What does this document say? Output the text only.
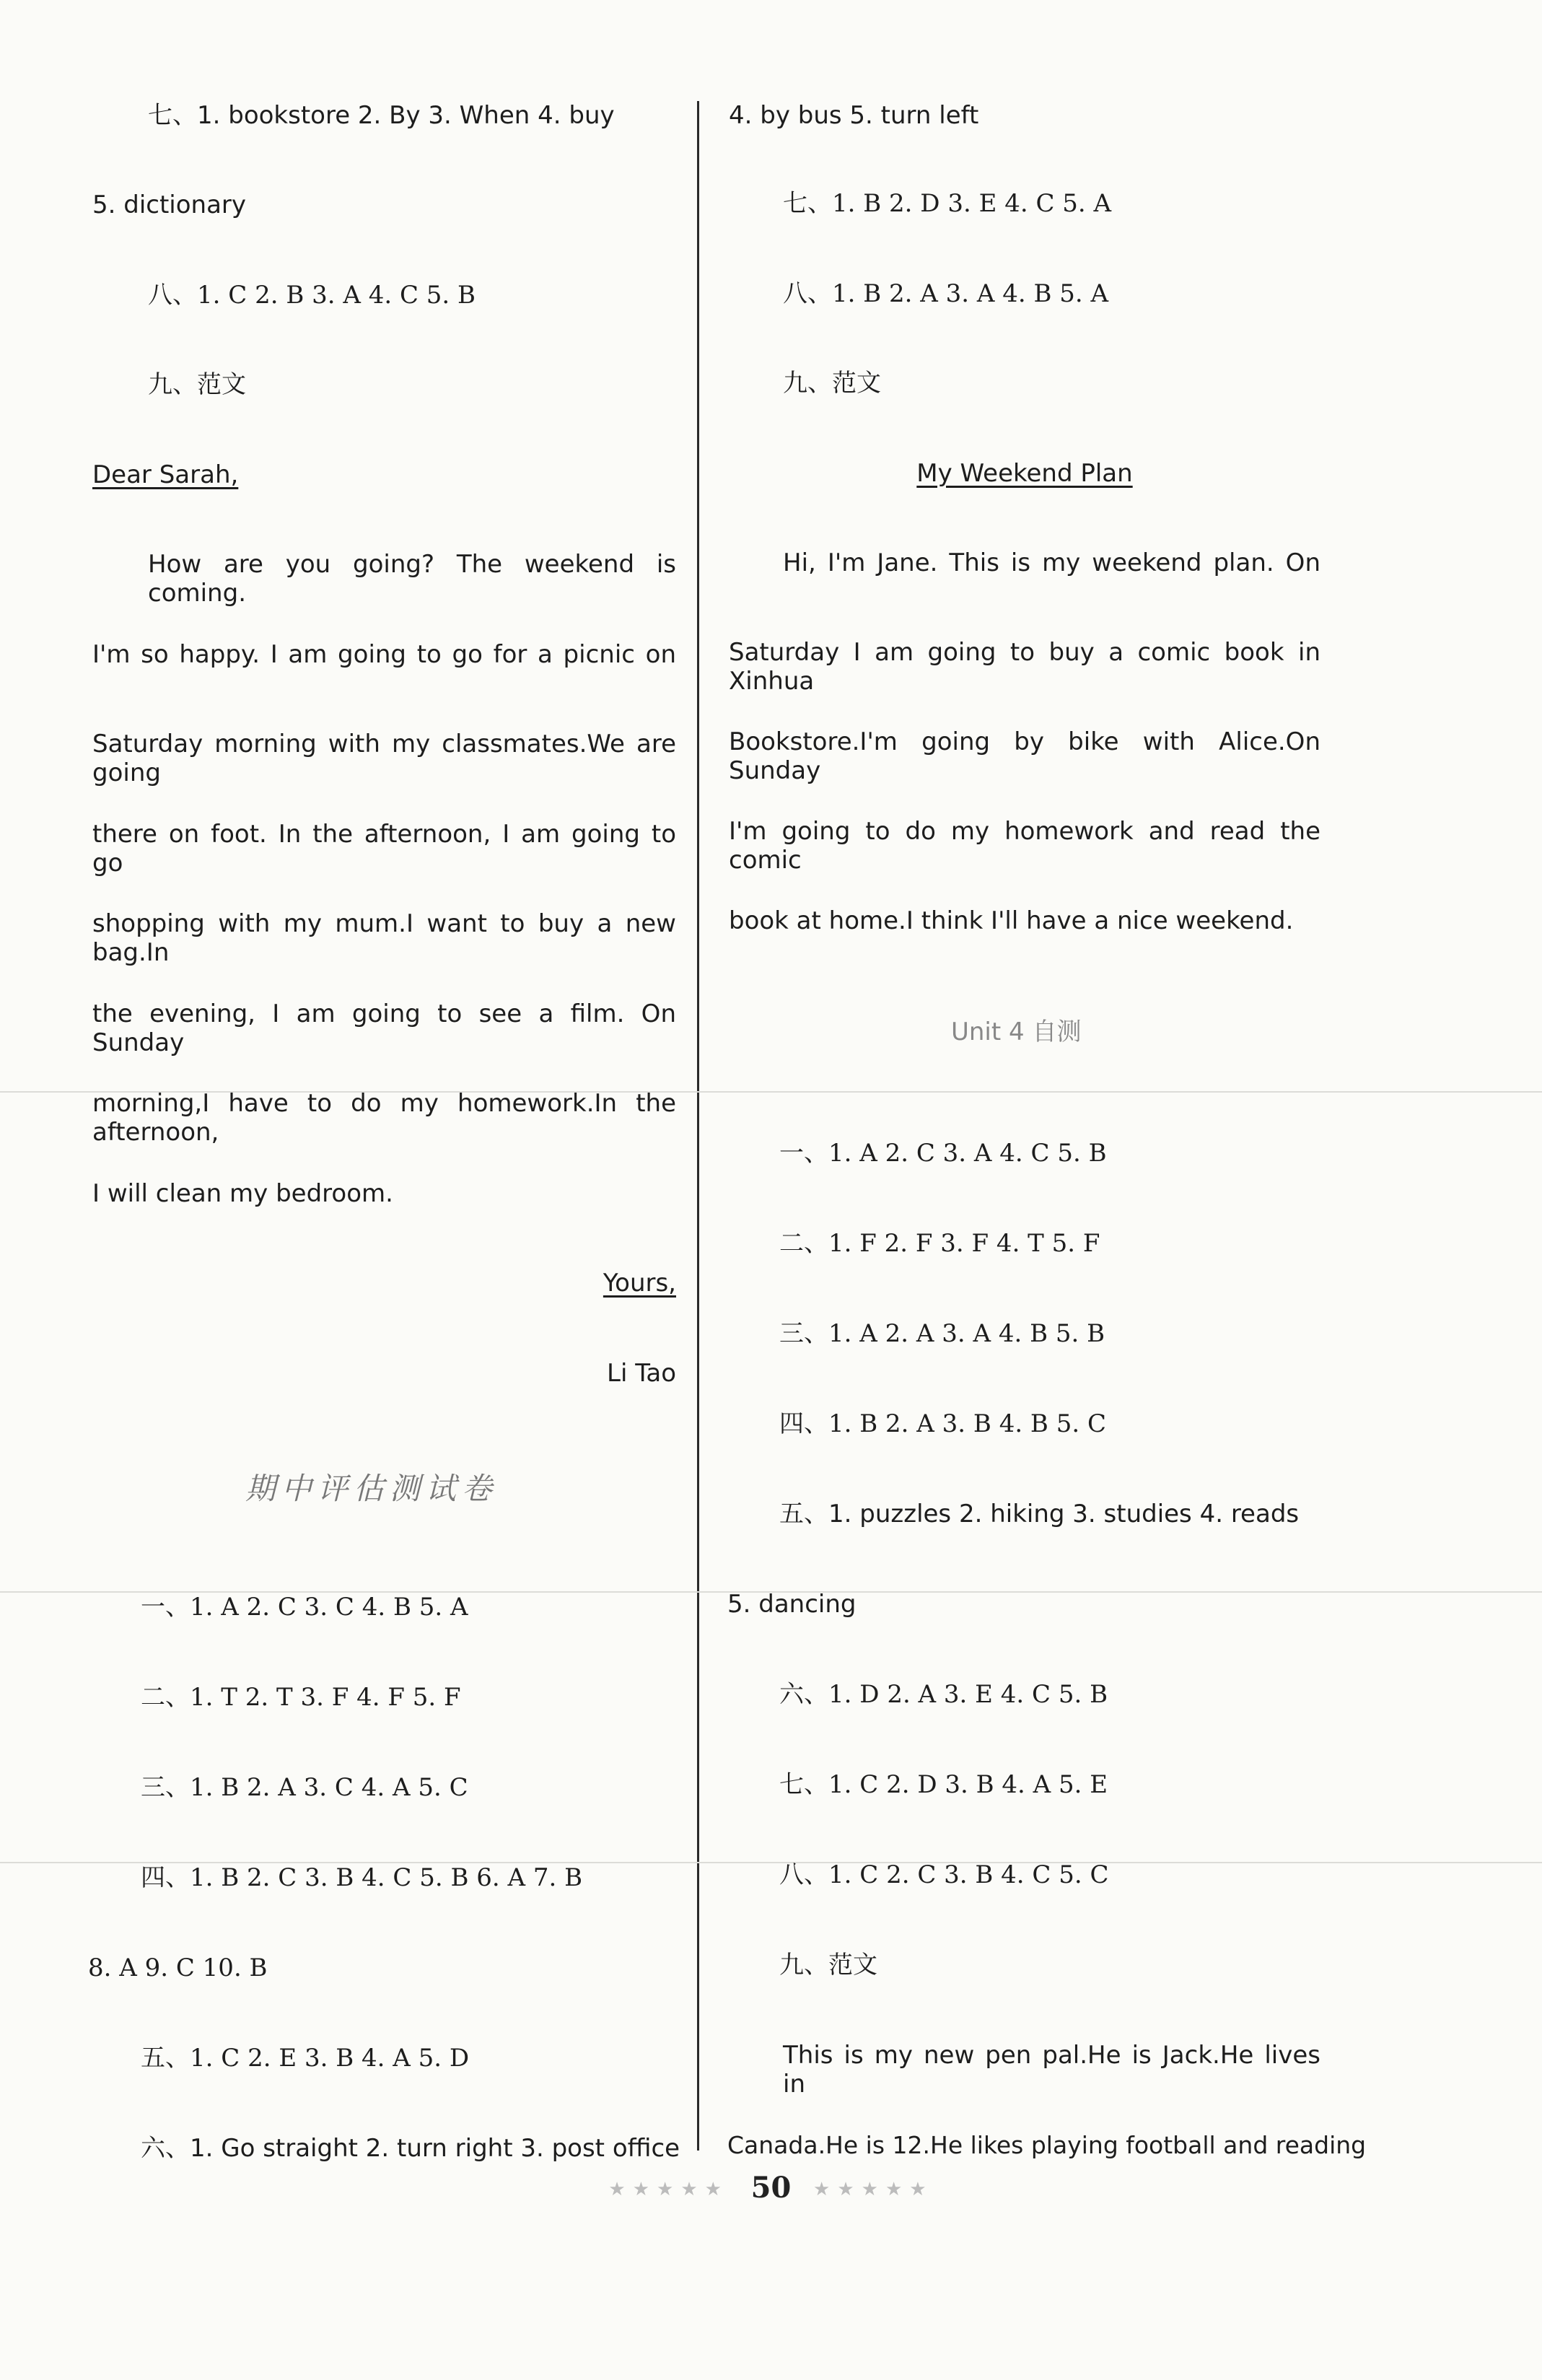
七、1. bookstore 2. By 3. When 4. buy
5. dictionary
八、1. C 2. B 3. A 4. C 5. B
九、范文
Dear Sarah,
How are you going? The weekend is coming.
I'm so happy. I am going to go for a picnic on
Saturday morning with my classmates.We are going
there on foot. In the afternoon, I am going to go
shopping with my mum.I want to buy a new bag.In
the evening, I am going to see a film. On Sunday
morning,I have to do my homework.In the afternoon,
I will clean my bedroom.
Yours,
Li Tao
期中评估测试卷
一、1. A 2. C 3. C 4. B 5. A
二、1. T 2. T 3. F 4. F 5. F
三、1. B 2. A 3. C 4. A 5. C
四、1. B 2. C 3. B 4. C 5. B 6. A 7. B
8. A 9. C 10. B
五、1. C 2. E 3. B 4. A 5. D
六、1. Go straight 2. turn right 3. post office
4. by bus 5. turn left
七、1. B 2. D 3. E 4. C 5. A
八、1. B 2. A 3. A 4. B 5. A
九、范文
My Weekend Plan
Hi, I'm Jane. This is my weekend plan. On
Saturday I am going to buy a comic book in Xinhua
Bookstore.I'm going by bike with Alice.On Sunday
I'm going to do my homework and read the comic
book at home.I think I'll have a nice weekend.
Unit 4 自测
一、1. A 2. C 3. A 4. C 5. B
二、1. F 2. F 3. F 4. T 5. F
三、1. A 2. A 3. A 4. B 5. B
四、1. B 2. A 3. B 4. B 5. C
五、1. puzzles 2. hiking 3. studies 4. reads
5. dancing
六、1. D 2. A 3. E 4. C 5. B
七、1. C 2. D 3. B 4. A 5. E
八、1. C 2. C 3. B 4. C 5. C
九、范文
This is my new pen pal.He is Jack.He lives in
Canada.He is 12.He likes playing football and reading
★★★★★ 50 ★★★★★
